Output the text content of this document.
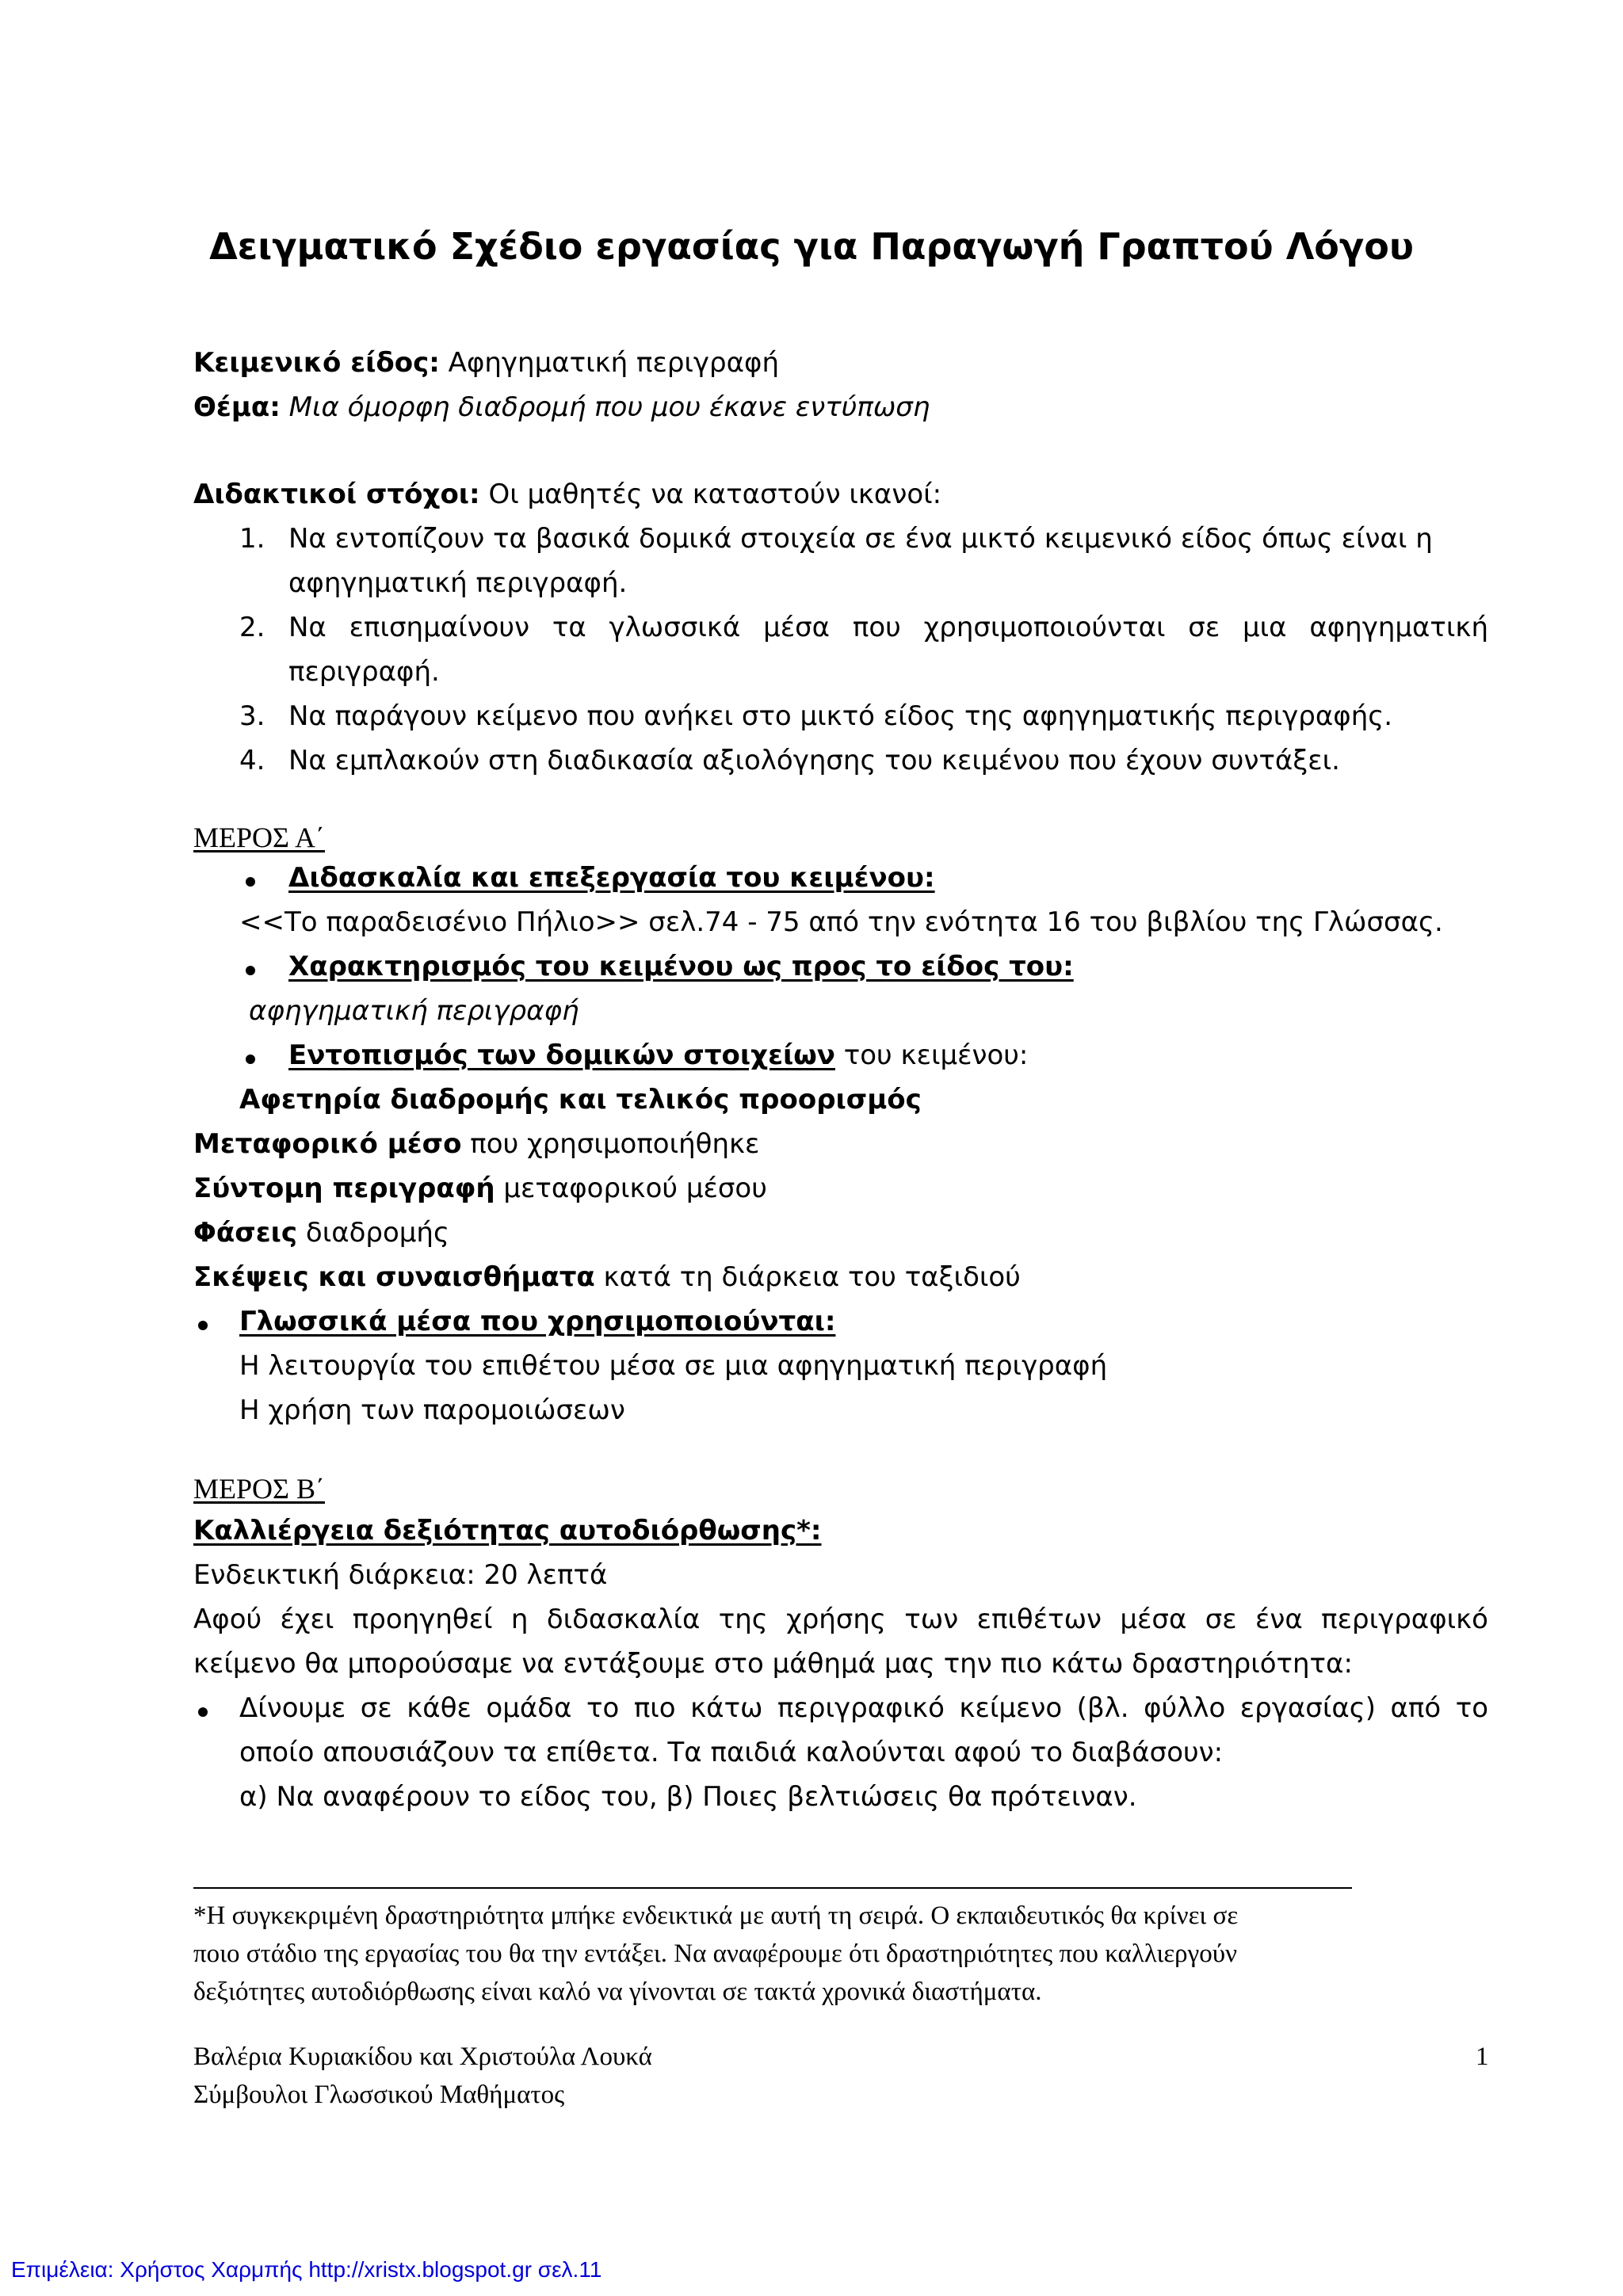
Δειγματικό Σχέδιο εργασίας για Παραγωγή Γραπτού Λόγου
Κειμενικό είδος: Αφηγηματική περιγραφή
Θέμα: Μια όμορφη διαδρομή που μου έκανε εντύπωση
Διδακτικοί στόχοι: Οι μαθητές να καταστούν ικανοί:
1. Να εντοπίζουν τα βασικά δομικά στοιχεία σε ένα μικτό κειμενικό είδος όπως είναι η
αφηγηματική περιγραφή.
2. Να επισημαίνουν τα γλωσσικά μέσα που χρησιμοποιούνται σε μια αφηγηματική
περιγραφή.
3. Να παράγουν κείμενο που ανήκει στο μικτό είδος της αφηγηματικής περιγραφής.
4. Να εμπλακούν στη διαδικασία αξιολόγησης του κειμένου που έχουν συντάξει.
ΜΕΡΟΣ Α΄
Διδασκαλία και επεξεργασία του κειμένου:
<<Το παραδεισένιο Πήλιο>> σελ.74 - 75 από την ενότητα 16 του βιβλίου της Γλώσσας.
Χαρακτηρισμός του κειμένου ως προς το είδος του:
αφηγηματική περιγραφή
Εντοπισμός των δομικών στοιχείων του κειμένου:
Αφετηρία διαδρομής και τελικός προορισμός
Μεταφορικό μέσο που χρησιμοποιήθηκε
Σύντομη περιγραφή μεταφορικού μέσου
Φάσεις διαδρομής
Σκέψεις και συναισθήματα κατά τη διάρκεια του ταξιδιού
Γλωσσικά μέσα που χρησιμοποιούνται:
Η λειτουργία του επιθέτου μέσα σε μια αφηγηματική περιγραφή
Η χρήση των παρομοιώσεων
ΜΕΡΟΣ Β΄
Καλλιέργεια δεξιότητας αυτοδιόρθωσης*:
Ενδεικτική διάρκεια: 20 λεπτά
Αφού έχει προηγηθεί η διδασκαλία της χρήσης των επιθέτων μέσα σε ένα περιγραφικό
κείμενο θα μπορούσαμε να εντάξουμε στο μάθημά μας την πιο κάτω δραστηριότητα:
Δίνουμε σε κάθε ομάδα το πιο κάτω περιγραφικό κείμενο (βλ. φύλλο εργασίας) από το
οποίο απουσιάζουν τα επίθετα. Τα παιδιά καλούνται αφού το διαβάσουν:
α) Να αναφέρουν το είδος του, β) Ποιες βελτιώσεις θα πρότειναν.
*Η συγκεκριμένη δραστηριότητα μπήκε ενδεικτικά με αυτή τη σειρά. Ο εκπαιδευτικός θα κρίνει σε
ποιο στάδιο της εργασίας του θα την εντάξει. Να αναφέρουμε ότι δραστηριότητες που καλλιεργούν
δεξιότητες αυτοδιόρθωσης είναι καλό να γίνονται σε τακτά χρονικά διαστήματα.
Βαλέρια Κυριακίδου και Χριστούλα Λουκά
Σύμβουλοι Γλωσσικού Μαθήματος
1
Επιμέλεια: Χρήστος Χαρμπής http://xristx.blogspot.gr σελ.11
